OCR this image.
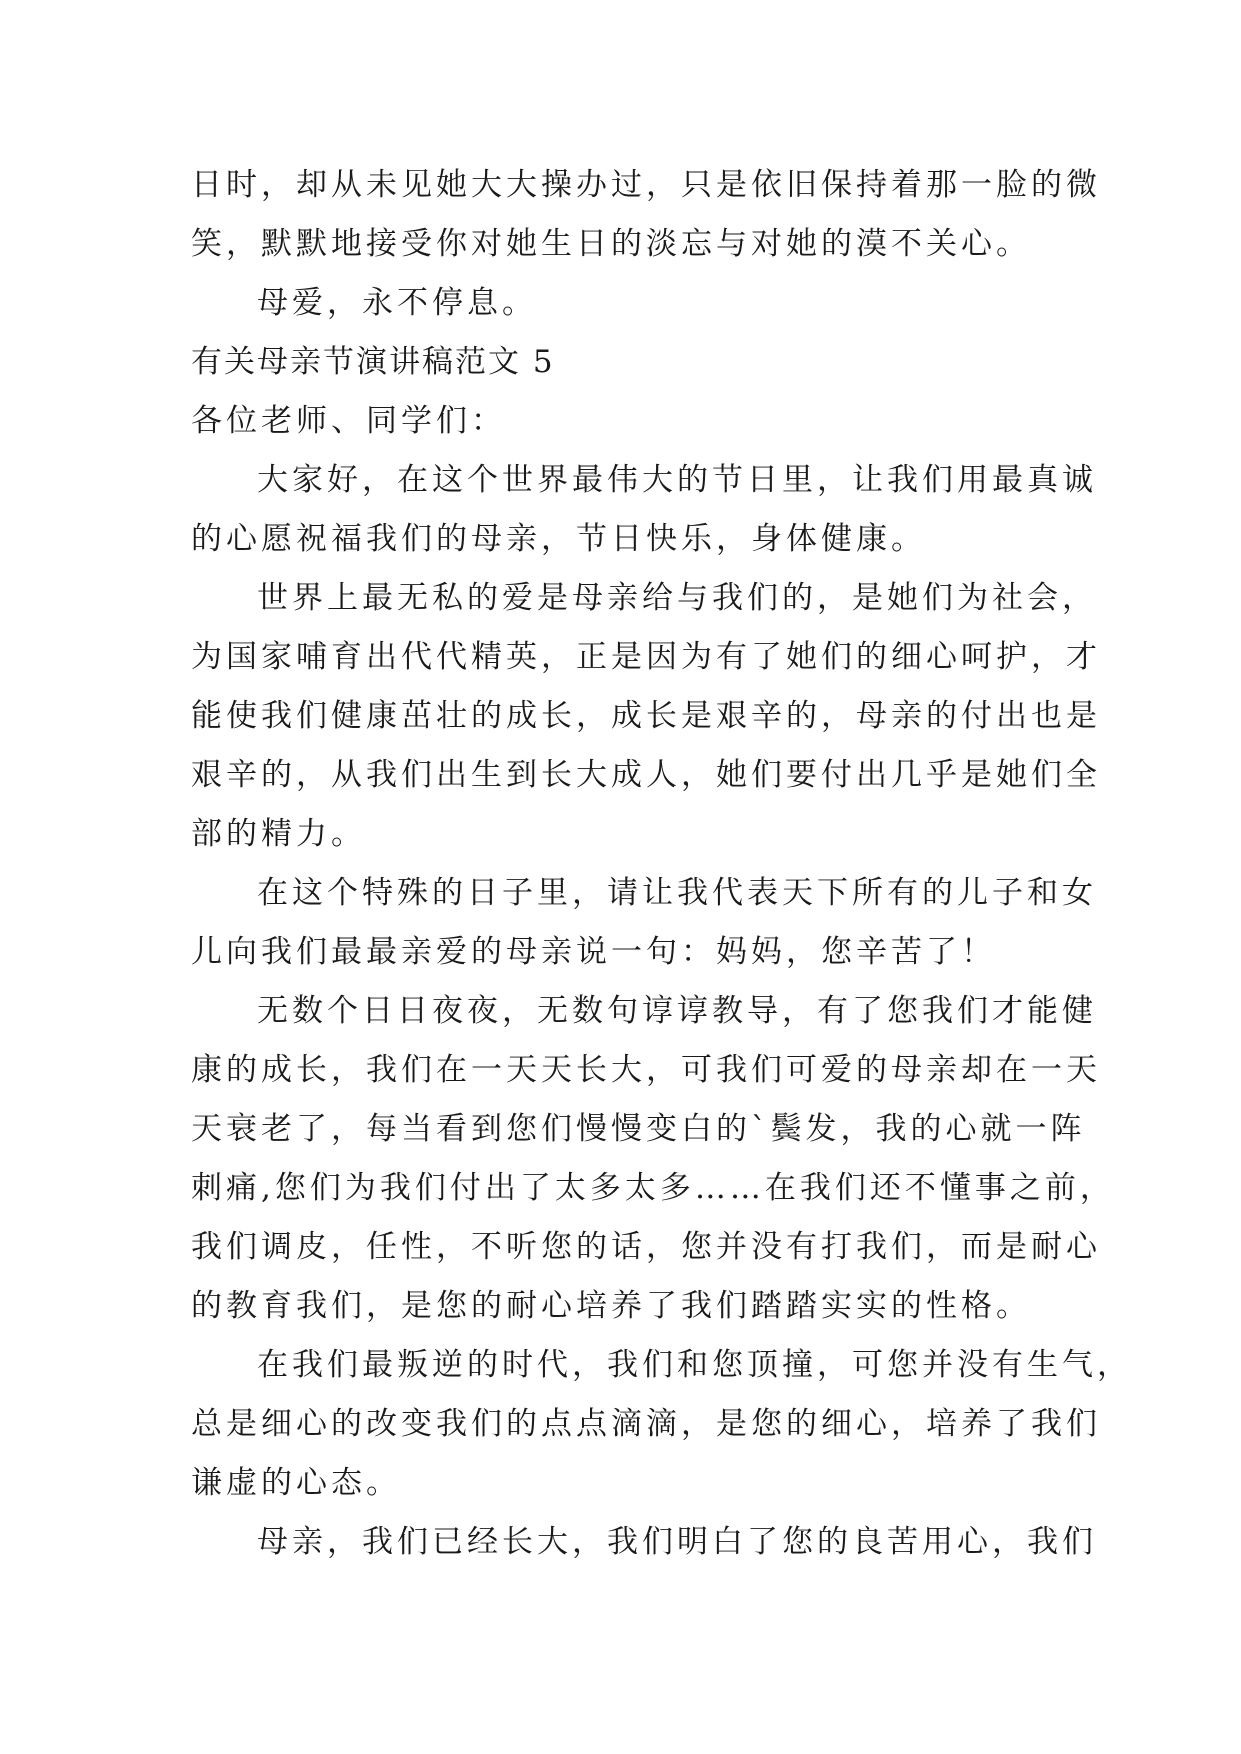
日时，却从未见她大大操办过，只是依旧保持着那一脸的微
笑，默默地接受你对她生日的淡忘与对她的漠不关心。
母爱，永不停息。
有关母亲节演讲稿范文 5
各位老师、同学们：
大家好，在这个世界最伟大的节日里，让我们用最真诚
的心愿祝福我们的母亲，节日快乐，身体健康。
世界上最无私的爱是母亲给与我们的，是她们为社会，
为国家哺育出代代精英，正是因为有了她们的细心呵护，才
能使我们健康茁壮的成长，成长是艰辛的，母亲的付出也是
艰辛的，从我们出生到长大成人，她们要付出几乎是她们全
部的精力。
在这个特殊的日子里，请让我代表天下所有的儿子和女
儿向我们最最亲爱的母亲说一句：妈妈，您辛苦了！
无数个日日夜夜，无数句谆谆教导，有了您我们才能健
康的成长，我们在一天天长大，可我们可爱的母亲却在一天
天衰老了，每当看到您们慢慢变白的`鬓发，我的心就一阵
刺痛,您们为我们付出了太多太多……在我们还不懂事之前，
我们调皮，任性，不听您的话，您并没有打我们，而是耐心
的教育我们，是您的耐心培养了我们踏踏实实的性格。
在我们最叛逆的时代，我们和您顶撞，可您并没有生气，
总是细心的改变我们的点点滴滴，是您的细心，培养了我们
谦虚的心态。
母亲，我们已经长大，我们明白了您的良苦用心，我们
